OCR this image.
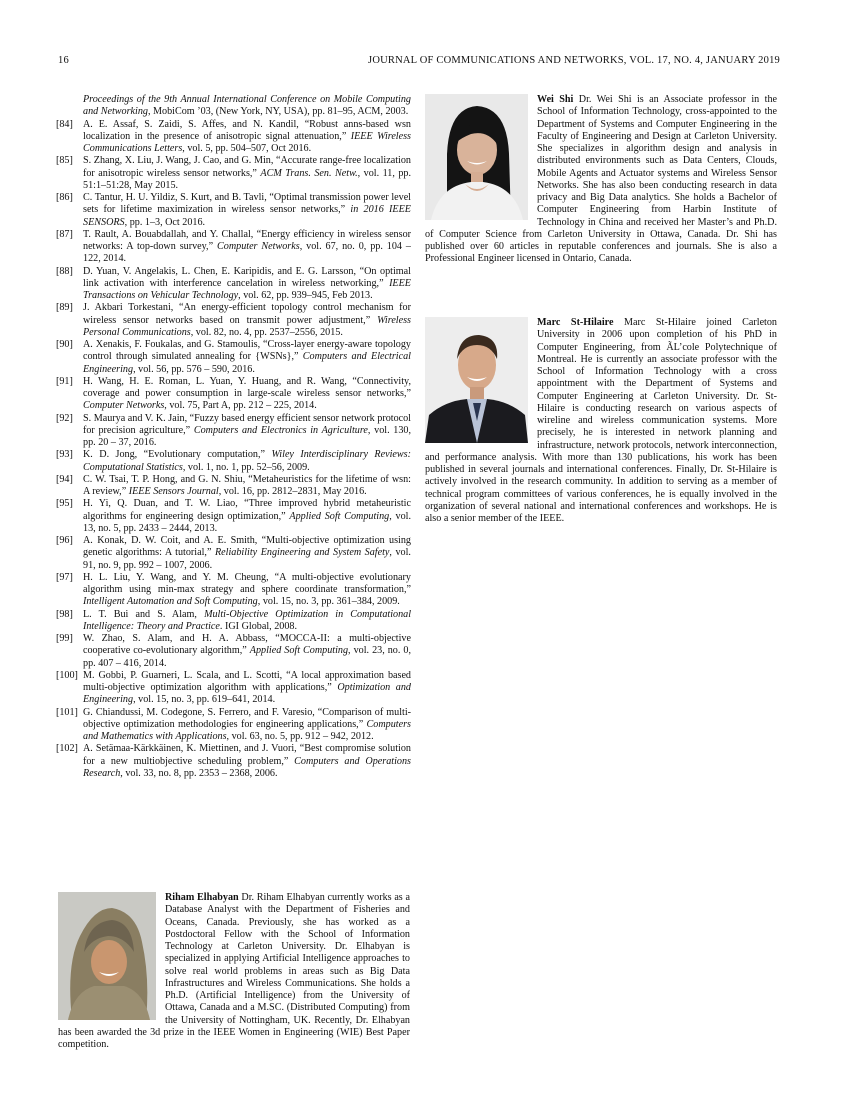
16	JOURNAL OF COMMUNICATIONS AND NETWORKS, VOL. 17, NO. 4, JANUARY 2019
Proceedings of the 9th Annual International Conference on Mobile Computing and Networking, MobiCom ’03, (New York, NY, USA), pp. 81–95, ACM, 2003.
[84] A. E. Assaf, S. Zaidi, S. Affes, and N. Kandil, “Robust anns-based wsn localization in the presence of anisotropic signal attenuation,” IEEE Wireless Communications Letters, vol. 5, pp. 504–507, Oct 2016.
[85] S. Zhang, X. Liu, J. Wang, J. Cao, and G. Min, “Accurate range-free localization for anisotropic wireless sensor networks,” ACM Trans. Sen. Netw., vol. 11, pp. 51:1–51:28, May 2015.
[86] C. Tantur, H. U. Yildiz, S. Kurt, and B. Tavli, “Optimal transmission power level sets for lifetime maximization in wireless sensor networks,” in 2016 IEEE SENSORS, pp. 1–3, Oct 2016.
[87] T. Rault, A. Bouabdallah, and Y. Challal, “Energy efficiency in wireless sensor networks: A top-down survey,” Computer Networks, vol. 67, no. 0, pp. 104 – 122, 2014.
[88] D. Yuan, V. Angelakis, L. Chen, E. Karipidis, and E. G. Larsson, “On optimal link activation with interference cancelation in wireless networking,” IEEE Transactions on Vehicular Technology, vol. 62, pp. 939–945, Feb 2013.
[89] J. Akbari Torkestani, “An energy-efficient topology control mechanism for wireless sensor networks based on transmit power adjustment,” Wireless Personal Communications, vol. 82, no. 4, pp. 2537–2556, 2015.
[90] A. Xenakis, F. Foukalas, and G. Stamoulis, “Cross-layer energy-aware topology control through simulated annealing for {WSNs},” Computers and Electrical Engineering, vol. 56, pp. 576 – 590, 2016.
[91] H. Wang, H. E. Roman, L. Yuan, Y. Huang, and R. Wang, “Connectivity, coverage and power consumption in large-scale wireless sensor networks,” Computer Networks, vol. 75, Part A, pp. 212 – 225, 2014.
[92] S. Maurya and V. K. Jain, “Fuzzy based energy efficient sensor network protocol for precision agriculture,” Computers and Electronics in Agriculture, vol. 130, pp. 20 – 37, 2016.
[93] K. D. Jong, “Evolutionary computation,” Wiley Interdisciplinary Reviews: Computational Statistics, vol. 1, no. 1, pp. 52–56, 2009.
[94] C. W. Tsai, T. P. Hong, and G. N. Shiu, “Metaheuristics for the lifetime of wsn: A review,” IEEE Sensors Journal, vol. 16, pp. 2812–2831, May 2016.
[95] H. Yi, Q. Duan, and T. W. Liao, “Three improved hybrid metaheuristic algorithms for engineering design optimization,” Applied Soft Computing, vol. 13, no. 5, pp. 2433 – 2444, 2013.
[96] A. Konak, D. W. Coit, and A. E. Smith, “Multi-objective optimization using genetic algorithms: A tutorial,” Reliability Engineering and System Safety, vol. 91, no. 9, pp. 992 – 1007, 2006.
[97] H. L. Liu, Y. Wang, and Y. M. Cheung, “A multi-objective evolutionary algorithm using min-max strategy and sphere coordinate transformation,” Intelligent Automation and Soft Computing, vol. 15, no. 3, pp. 361–384, 2009.
[98] L. T. Bui and S. Alam, Multi-Objective Optimization in Computational Intelligence: Theory and Practice. IGI Global, 2008.
[99] W. Zhao, S. Alam, and H. A. Abbass, “MOCCA-II: a multi-objective cooperative co-evolutionary algorithm,” Applied Soft Computing, vol. 23, no. 0, pp. 407 – 416, 2014.
[100] M. Gobbi, P. Guarneri, L. Scala, and L. Scotti, “A local approximation based multi-objective optimization algorithm with applications,” Optimization and Engineering, vol. 15, no. 3, pp. 619–641, 2014.
[101] G. Chiandussi, M. Codegone, S. Ferrero, and F. Varesio, “Comparison of multi-objective optimization methodologies for engineering applications,” Computers and Mathematics with Applications, vol. 63, no. 5, pp. 912 – 942, 2012.
[102] A. Setämaa-Kärkkäinen, K. Miettinen, and J. Vuori, “Best compromise solution for a new multiobjective scheduling problem,” Computers and Operations Research, vol. 33, no. 8, pp. 2353 – 2368, 2006.
Wei Shi Dr. Wei Shi is an Associate professor in the School of Information Technology, cross-appointed to the Department of Systems and Computer Engineering in the Faculty of Engineering and Design at Carleton University. She specializes in algorithm design and analysis in distributed environments such as Data Centers, Clouds, Mobile Agents and Actuator systems and Wireless Sensor Networks. She has also been conducting research in data privacy and Big Data analytics. She holds a Bachelor of Computer Engineering from Harbin Institute of Technology in China and received her Master’s and Ph.D. of Computer Science from Carleton University in Ottawa, Canada. Dr. Shi has published over 60 articles in reputable conferences and journals. She is also a Professional Engineer licensed in Ontario, Canada.
Marc St-Hilaire Marc St-Hilaire joined Carleton University in 2006 upon completion of his PhD in Computer Engineering, from ÃL’cole Polytechnique of Montreal. He is currently an associate professor with the School of Information Technology with a cross appointment with the Department of Systems and Computer Engineering at Carleton University. Dr. St-Hilaire is conducting research on various aspects of wireline and wireless communication systems. More precisely, he is interested in network planning and infrastructure, network protocols, network interconnection, and performance analysis. With more than 130 publications, his work has been published in several journals and international conferences. Finally, Dr. St-Hilaire is actively involved in the research community. In addition to serving as a member of technical program committees of various conferences, he is equally involved in the organization of several national and international conferences and workshops. He is also a senior member of the IEEE.
Riham Elhabyan Dr. Riham Elhabyan currently works as a Database Analyst with the Department of Fisheries and Oceans, Canada. Previously, she has worked as a Postdoctoral Fellow with the School of Information Technology at Carleton University. Dr. Elhabyan is specialized in applying Artificial Intelligence approaches to solve real world problems in areas such as Big Data Infrastructures and Wireless Communications. She holds a Ph.D. (Artificial Intelligence) from the University of Ottawa, Canada and a M.SC. (Distributed Computing) from the University of Nottingham, UK. Recently, Dr. Elhabyan has been awarded the 3d prize in the IEEE Women in Engineering (WIE) Best Paper competition.
